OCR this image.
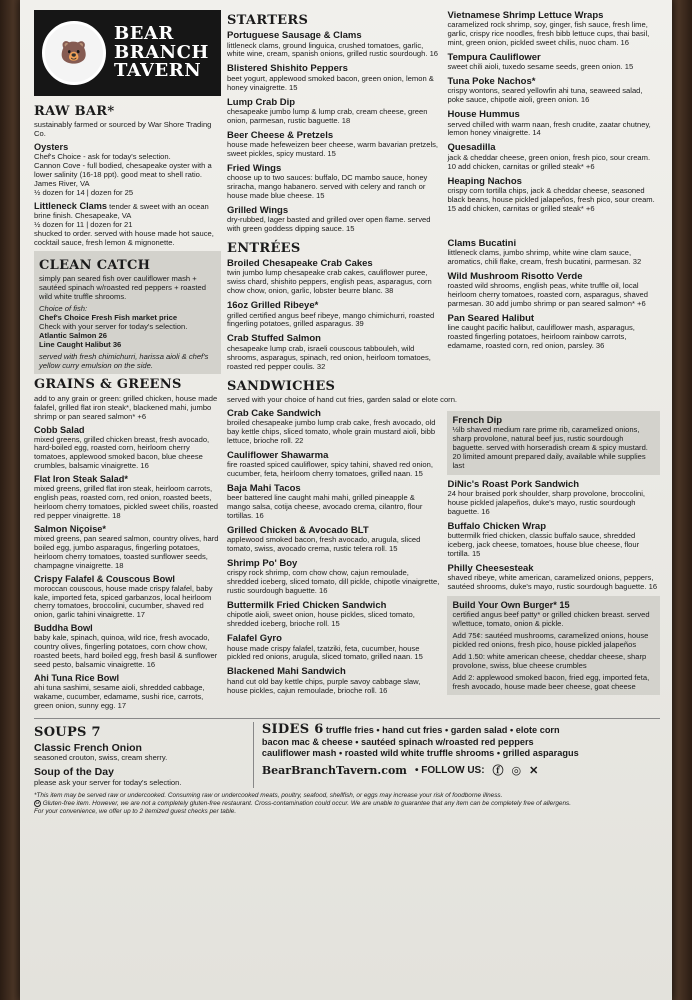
🐻
BEAR
BRANCH
TAVERN
RAW BAR*
sustainably farmed or sourced by War Shore Trading Co.
Oysters
Chef's Choice - ask for today's selection.
Cannon Cove - full bodied, chesapeake oyster with a lower salinity (16-18 ppt). good meat to shell ratio. James River, VA
½ dozen for 14 | dozen for 25
Littleneck Clams tender & sweet with an ocean brine finish. Chesapeake, VA
½ dozen for 11 | dozen for 21
shucked to order. served with house made hot sauce, cocktail sauce, fresh lemon & mignonette.
CLEAN CATCH
simply pan seared fish over cauliflower mash + sautéed spinach w/roasted red peppers + roasted wild white truffle shrooms.
Choice of fish:
Chef's Choice Fresh Fish market price
Check with your server for today's selection.
Atlantic Salmon 26
Line Caught Halibut 36
served with fresh chimichurri, harissa aioli & chef's yellow curry emulsion on the side.
GRAINS & GREENS
add to any grain or green: grilled chicken, house made falafel, grilled flat iron steak*, blackened mahi, jumbo shrimp or pan seared salmon* +6
Cobb Salad
mixed greens, grilled chicken breast, fresh avocado, hard-boiled egg, roasted corn, heirloom cherry tomatoes, applewood smoked bacon, blue cheese crumbles, balsamic vinaigrette. 16
Flat Iron Steak Salad*
mixed greens, grilled flat iron steak, heirloom carrots, english peas, roasted corn, red onion, roasted beets, heirloom cherry tomatoes, pickled sweet chilis, roasted red pepper vinaigrette. 18
Salmon Niçoise*
mixed greens, pan seared salmon, country olives, hard boiled egg, jumbo asparagus, fingerling potatoes, heirloom cherry tomatoes, toasted sunflower seeds, champagne vinaigrette. 18
Crispy Falafel & Couscous Bowl
moroccan couscous, house made crispy falafel, baby kale, imported feta, spiced garbanzos, local heirloom cherry tomatoes, broccolini, cucumber, shaved red onion, garlic tahini vinaigrette. 17
Buddha Bowl
baby kale, spinach, quinoa, wild rice, fresh avocado, country olives, fingerling potatoes, corn chow chow, roasted beets, hard boiled egg, fresh basil & sunflower seed pesto, balsamic vinaigrette. 16
Ahi Tuna Rice Bowl
ahi tuna sashimi, sesame aioli, shredded cabbage, wakame, cucumber, edamame, sushi rice, carrots, green onion, sunny egg. 17
STARTERS
Portuguese Sausage & Clams
littleneck clams, ground linguica, crushed tomatoes, garlic, white wine, cream, spanish onions, grilled rustic sourdough. 16
Blistered Shishito Peppers
beet yogurt, applewood smoked bacon, green onion, lemon & honey vinaigrette. 15
Lump Crab Dip
chesapeake jumbo lump & lump crab, cream cheese, green onion, parmesan, rustic baguette. 18
Beer Cheese & Pretzels
house made hefeweizen beer cheese, warm bavarian pretzels, sweet pickles, spicy mustard. 15
Fried Wings
choose up to two sauces: buffalo, DC mambo sauce, honey sriracha, mango habanero. served with celery and ranch or house made blue cheese. 15
Grilled Wings
dry-rubbed, lager basted and grilled over open flame. served with green goddess dipping sauce. 15
Vietnamese Shrimp Lettuce Wraps
caramelized rock shrimp, soy, ginger, fish sauce, fresh lime, garlic, crispy rice noodles, fresh bibb lettuce cups, thai basil, mint, green onion, pickled sweet chilis, nuoc cham. 16
Tempura Cauliflower
sweet chili aioli, tuxedo sesame seeds, green onion. 15
Tuna Poke Nachos*
crispy wontons, seared yellowfin ahi tuna, seaweed salad, poke sauce, chipotle aioli, green onion. 16
House Hummus
served chilled with warm naan, fresh crudite, zaatar chutney, lemon honey vinaigrette. 14
Quesadilla
jack & cheddar cheese, green onion, fresh pico, sour cream. 10 add chicken, carnitas or grilled steak* +6
Heaping Nachos
crispy corn tortilla chips, jack & cheddar cheese, seasoned black beans, house pickled jalapeños, fresh pico, sour cream. 15 add chicken, carnitas or grilled steak* +6
ENTRÉES
Broiled Chesapeake Crab Cakes
twin jumbo lump chesapeake crab cakes, cauliflower puree, swiss chard, shishito peppers, english peas, asparagus, corn chow chow, onion, garlic, lobster beurre blanc. 38
16oz Grilled Ribeye*
grilled certified angus beef ribeye, mango chimichurri, roasted fingerling potatoes, grilled asparagus. 39
Crab Stuffed Salmon
chesapeake lump crab, israeli couscous tabbouleh, wild shrooms, asparagus, spinach, red onion, heirloom tomatoes, roasted red pepper coulis. 32
Clams Bucatini
littleneck clams, jumbo shrimp, white wine clam sauce, aromatics, chili flake, cream, fresh bucatini, parmesan. 32
Wild Mushroom Risotto Verde
roasted wild shrooms, english peas, white truffle oil, local heirloom cherry tomatoes, roasted corn, asparagus, shaved parmesan. 30 add jumbo shrimp or pan seared salmon* +6
Pan Seared Halibut
line caught pacific halibut, cauliflower mash, asparagus, roasted fingerling potatoes, heirloom rainbow carrots, edamame, roasted corn, red onion, parsley. 36
SANDWICHES
served with your choice of hand cut fries, garden salad or elote corn.
Crab Cake Sandwich
broiled chesapeake jumbo lump crab cake, fresh avocado, old bay kettle chips, sliced tomato, whole grain mustard aioli, bibb lettuce, brioche roll. 22
Cauliflower Shawarma
fire roasted spiced cauliflower, spicy tahini, shaved red onion, cucumber, feta, heirloom cherry tomatoes, grilled naan. 15
Baja Mahi Tacos
beer battered line caught mahi mahi, grilled pineapple & mango salsa, cotija cheese, avocado crema, cilantro, flour tortillas. 16
Grilled Chicken & Avocado BLT
applewood smoked bacon, fresh avocado, arugula, sliced tomato, swiss, avocado crema, rustic telera roll. 15
Shrimp Po' Boy
crispy rock shrimp, corn chow chow, cajun remoulade, shredded iceberg, sliced tomato, dill pickle, chipotle vinaigrette, rustic sourdough baguette. 16
Buttermilk Fried Chicken Sandwich
chipotle aioli, sweet onion, house pickles, sliced tomato, shredded iceberg, brioche roll. 15
Falafel Gyro
house made crispy falafel, tzatziki, feta, cucumber, house pickled red onions, arugula, sliced tomato, grilled naan. 15
Blackened Mahi Sandwich
hand cut old bay kettle chips, purple savoy cabbage slaw, house pickles, cajun remoulade, brioche roll. 16
French Dip
½lb shaved medium rare prime rib, caramelized onions, sharp provolone, natural beef jus, rustic sourdough baguette. served with horseradish cream & spicy mustard. 20 limited amount prepared daily, available while supplies last
DiNic's Roast Pork Sandwich
24 hour braised pork shoulder, sharp provolone, broccolini, house pickled jalapeños, duke's mayo, rustic sourdough baguette. 16
Buffalo Chicken Wrap
buttermilk fried chicken, classic buffalo sauce, shredded iceberg, jack cheese, tomatoes, house blue cheese, flour tortilla. 15
Philly Cheesesteak
shaved ribeye, white american, caramelized onions, peppers, sautéed shrooms, duke's mayo, rustic sourdough baguette. 16
Build Your Own Burger* 15
certified angus beef patty* or grilled chicken breast. served w/lettuce, tomato, onion & pickle.
Add 75¢: sautéed mushrooms, caramelized onions, house pickled red onions, fresh pico, house pickled jalapeños
Add 1.50: white american cheese, cheddar cheese, sharp provolone, swiss, blue cheese crumbles
Add 2: applewood smoked bacon, fried egg, imported feta, fresh avocado, house made beer cheese, goat cheese
SOUPS 7
Classic French Onion
seasoned crouton, swiss, cream sherry.
Soup of the Day
please ask your server for today's selection.
SIDES 6 truffle fries • hand cut fries • garden salad • elote corn
bacon mac & cheese • sautéed spinach w/roasted red peppers
cauliflower mash • roasted wild white truffle shrooms • grilled asparagus
BearBranchTavern.com • FOLLOW US: ⓕ ◎ ✕
*This item may be served raw or undercooked. Consuming raw or undercooked meats, poultry, seafood, shellfish, or eggs may increase your risk of foodborne illness.
G Gluten-free item. However, we are not a completely gluten-free restaurant. Cross-contamination could occur. We are unable to guarantee that any item can be completely free of allergens.
For your convenience, we offer up to 2 itemized guest checks per table.
